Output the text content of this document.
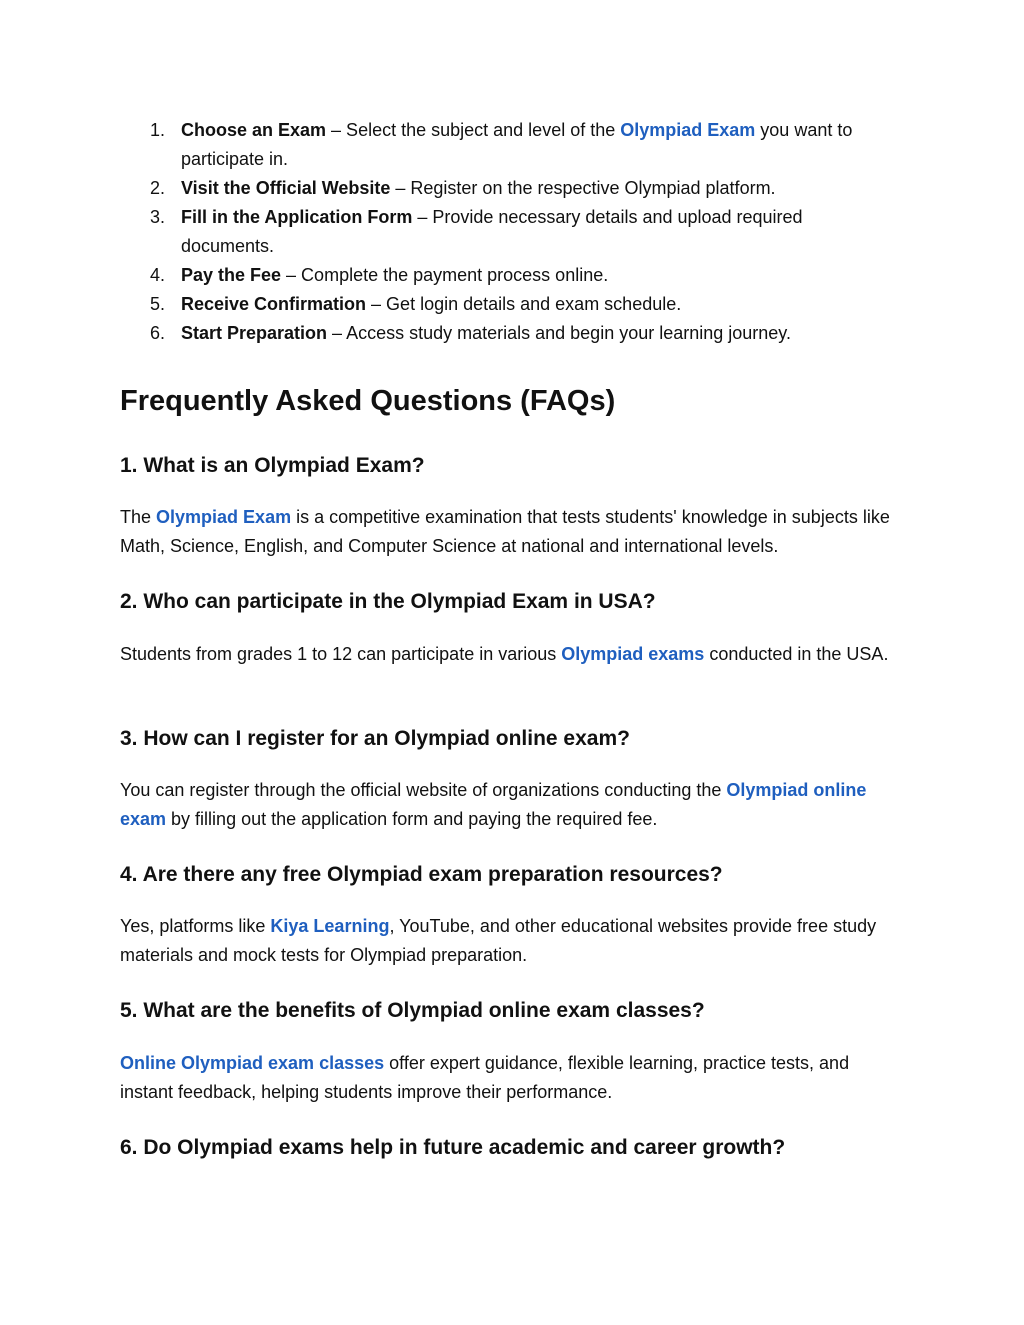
1. Choose an Exam – Select the subject and level of the Olympiad Exam you want to participate in.
2. Visit the Official Website – Register on the respective Olympiad platform.
3. Fill in the Application Form – Provide necessary details and upload required documents.
4. Pay the Fee – Complete the payment process online.
5. Receive Confirmation – Get login details and exam schedule.
6. Start Preparation – Access study materials and begin your learning journey.
Frequently Asked Questions (FAQs)
1. What is an Olympiad Exam?

The Olympiad Exam is a competitive examination that tests students' knowledge in subjects like Math, Science, English, and Computer Science at national and international levels.

2. Who can participate in the Olympiad Exam in USA?

Students from grades 1 to 12 can participate in various Olympiad exams conducted in the USA.

3. How can I register for an Olympiad online exam?

You can register through the official website of organizations conducting the Olympiad online exam by filling out the application form and paying the required fee.

4. Are there any free Olympiad exam preparation resources?

Yes, platforms like Kiya Learning, YouTube, and other educational websites provide free study materials and mock tests for Olympiad preparation.

5. What are the benefits of Olympiad online exam classes?

Online Olympiad exam classes offer expert guidance, flexible learning, practice tests, and instant feedback, helping students improve their performance.

6. Do Olympiad exams help in future academic and career growth?
